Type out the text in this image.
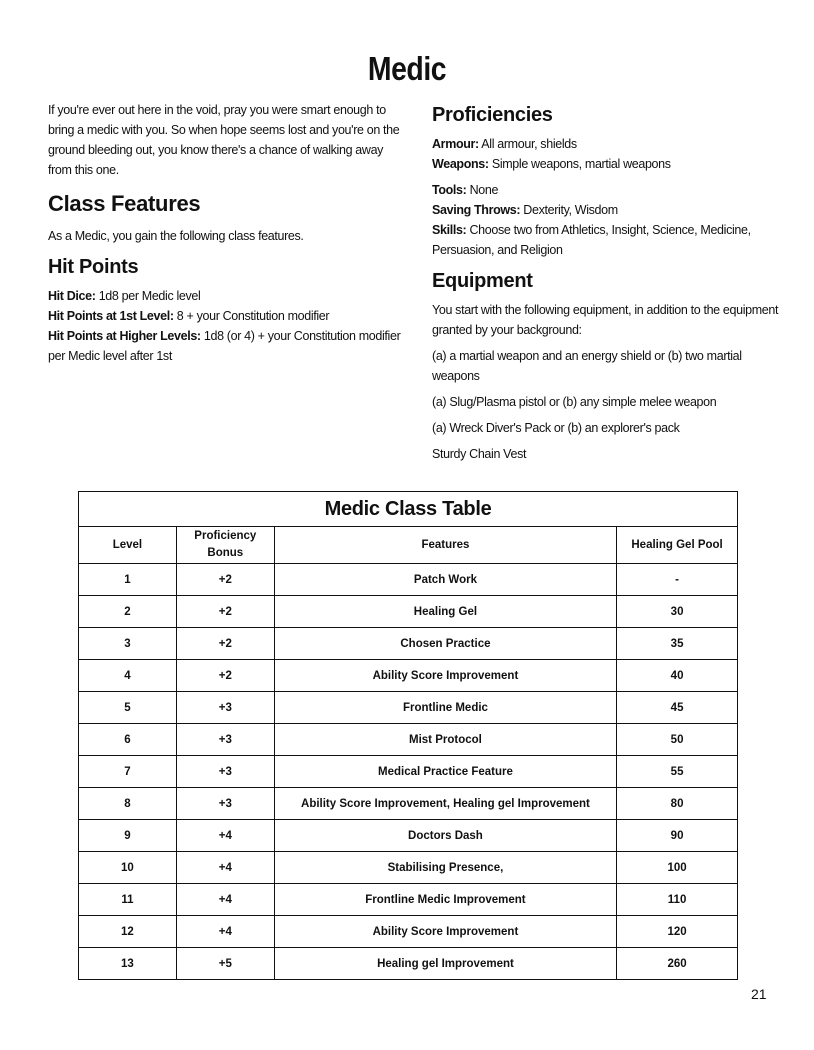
Medic

If you're ever out here in the void, pray you were smart enough to bring a medic with you. So when hope seems lost and you're on the ground bleeding out, you know there's a chance of walking away from this one.

Class Features

As a Medic, you gain the following class features.

Hit Points

Hit Dice: 1d8 per Medic level

Hit Points at 1st Level: 8 + your Constitution modifier

Hit Points at Higher Levels: 1d8 (or 4) + your Constitution modifier per Medic level after 1st

Proficiencies

Armour: All armour, shields

Weapons: Simple weapons, martial weapons

Tools: None

Saving Throws: Dexterity, Wisdom

Skills: Choose two from Athletics, Insight, Science, Medicine, Persuasion, and Religion

Equipment

You start with the following equipment, in addition to the equipment granted by your background:

(a) a martial weapon and an energy shield or (b) two martial weapons

(a) Slug/Plasma pistol or (b) any simple melee weapon

(a) Wreck Diver's Pack or (b) an explorer's pack

Sturdy Chain Vest

Medic Class Table			
Level	Proficiency Bonus	Features	Healing Gel Pool
1	+2	Patch Work	-
2	+2	Healing Gel	30
3	+2	Chosen Practice	35
4	+2	Ability Score Improvement	40
5	+3	Frontline Medic	45
6	+3	Mist Protocol	50
7	+3	Medical Practice Feature	55
8	+3	Ability Score Improvement, Healing gel Improvement	80
9	+4	Doctors Dash	90
10	+4	Stabilising Presence,	100
11	+4	Frontline Medic Improvement	110
12	+4	Ability Score Improvement	120
13	+5	Healing gel Improvement	260
21
